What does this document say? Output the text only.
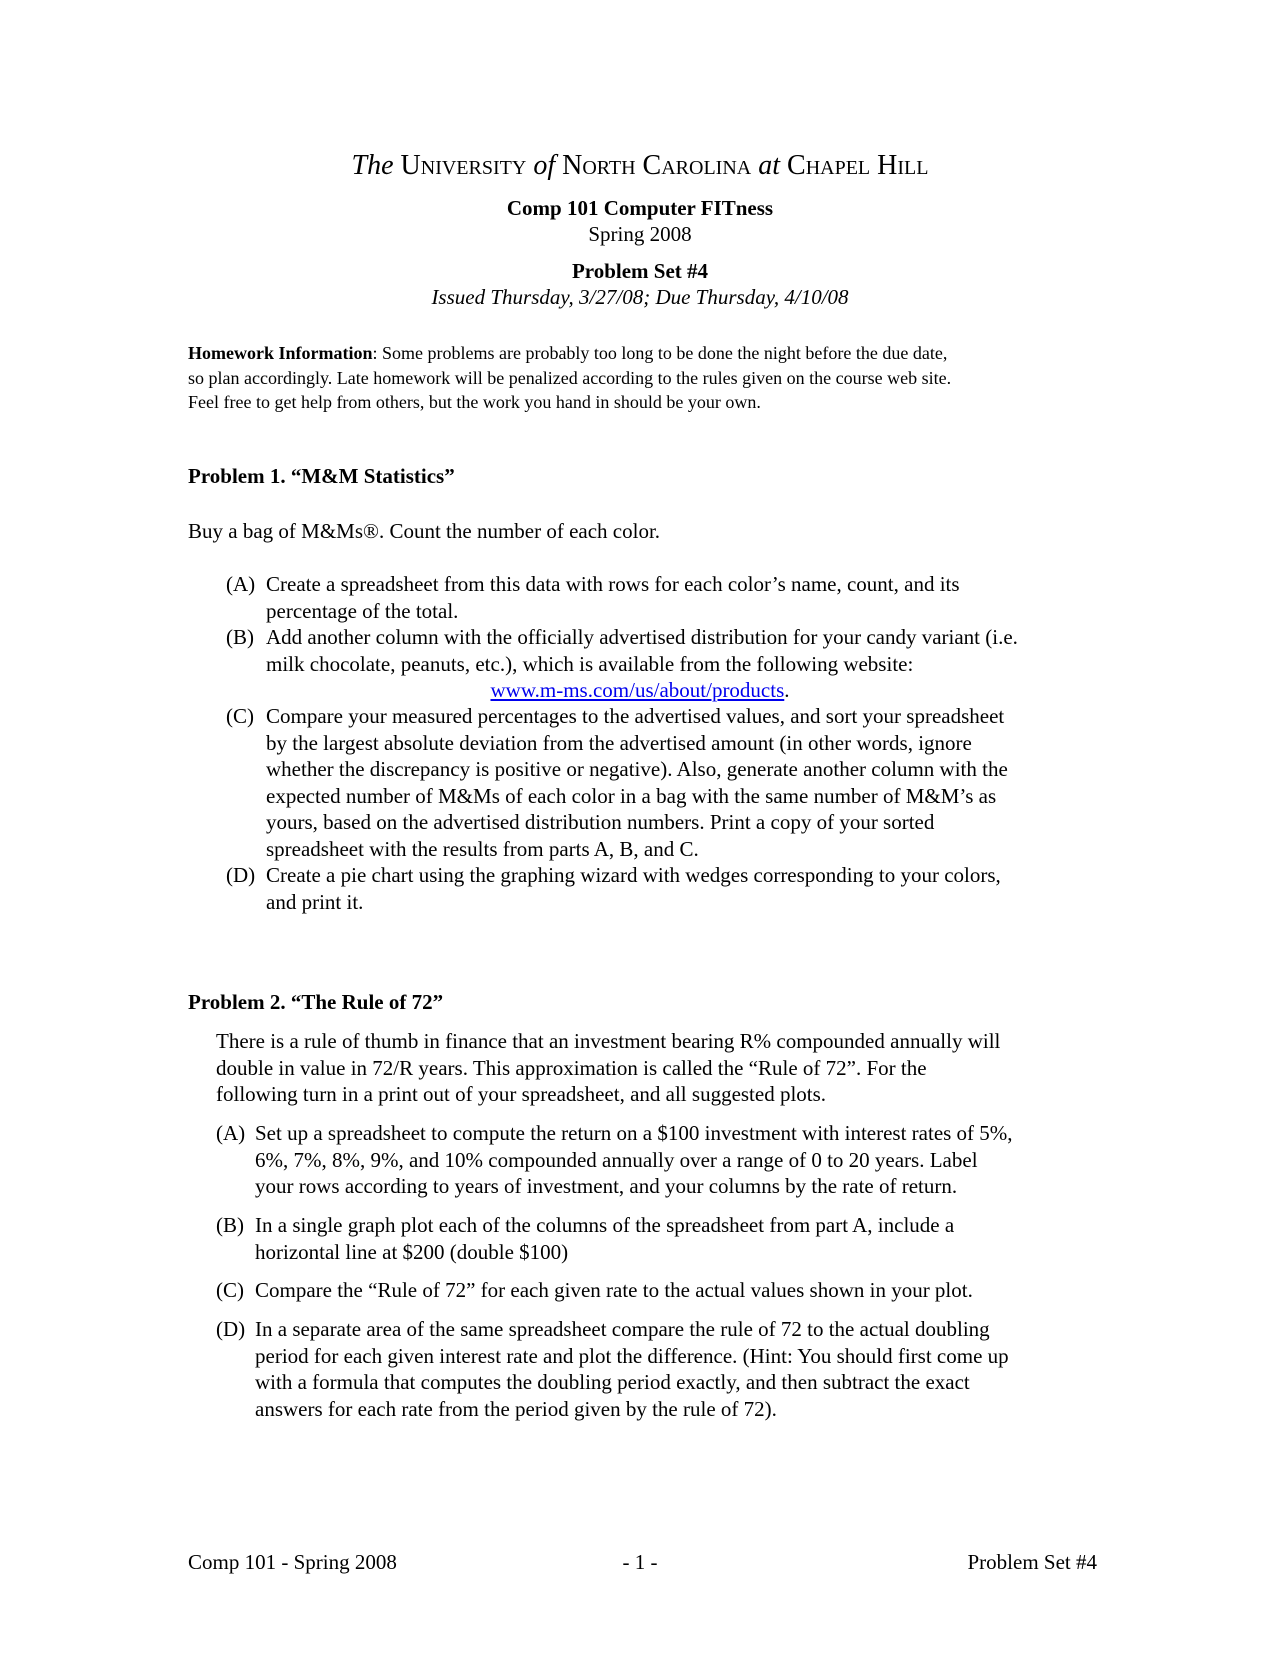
The University of North Carolina at Chapel Hill
Comp 101 Computer FITness
Spring 2008
Problem Set #4
Issued Thursday, 3/27/08; Due Thursday, 4/10/08
Homework Information: Some problems are probably too long to be done the night before the due date,
so plan accordingly. Late homework will be penalized according to the rules given on the course web site.
Feel free to get help from others, but the work you hand in should be your own.
Problem 1. “M&M Statistics”
Buy a bag of M&Ms®. Count the number of each color.
(A) Create a spreadsheet from this data with rows for each color’s name, count, and its
percentage of the total.
(B) Add another column with the officially advertised distribution for your candy variant (i.e.
milk chocolate, peanuts, etc.), which is available from the following website:
www.m-ms.com/us/about/products.
(C) Compare your measured percentages to the advertised values, and sort your spreadsheet
by the largest absolute deviation from the advertised amount (in other words, ignore
whether the discrepancy is positive or negative). Also, generate another column with the
expected number of M&Ms of each color in a bag with the same number of M&M’s as
yours, based on the advertised distribution numbers. Print a copy of your sorted
spreadsheet with the results from parts A, B, and C.
(D) Create a pie chart using the graphing wizard with wedges corresponding to your colors,
and print it.
Problem 2. “The Rule of 72”
There is a rule of thumb in finance that an investment bearing R% compounded annually will
double in value in 72/R years. This approximation is called the “Rule of 72”. For the
following turn in a print out of your spreadsheet, and all suggested plots.
(A) Set up a spreadsheet to compute the return on a $100 investment with interest rates of 5%,
6%, 7%, 8%, 9%, and 10% compounded annually over a range of 0 to 20 years. Label
your rows according to years of investment, and your columns by the rate of return.
(B) In a single graph plot each of the columns of the spreadsheet from part A, include a
horizontal line at $200 (double $100)
(C) Compare the “Rule of 72” for each given rate to the actual values shown in your plot.
(D) In a separate area of the same spreadsheet compare the rule of 72 to the actual doubling
period for each given interest rate and plot the difference. (Hint: You should first come up
with a formula that computes the doubling period exactly, and then subtract the exact
answers for each rate from the period given by the rule of 72).
Comp 101 - Spring 2008	- 1 -	Problem Set #4
